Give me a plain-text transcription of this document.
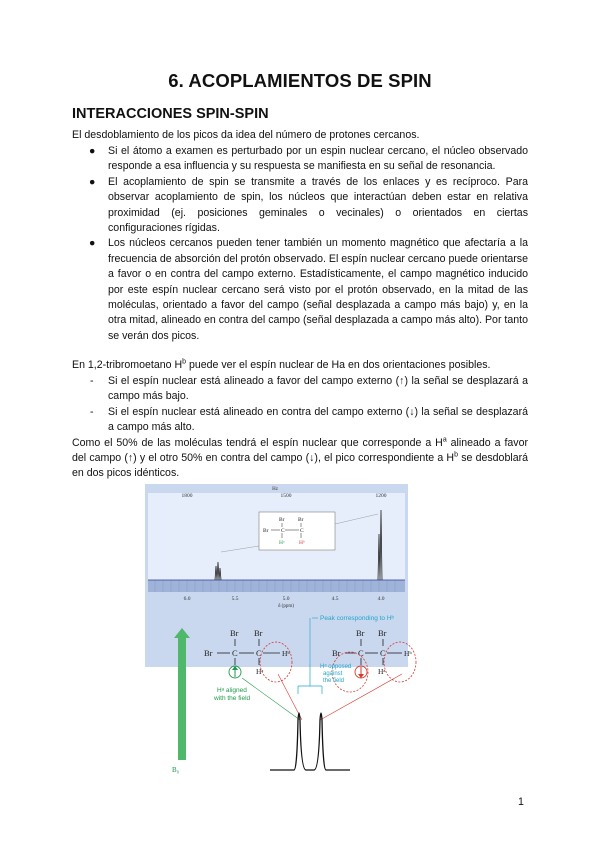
6. ACOPLAMIENTOS DE SPIN
INTERACCIONES SPIN-SPIN

El desdoblamiento de los picos da idea del número de protones cercanos.

● Si el átomo a examen es perturbado por un espin nuclear cercano, el núcleo observado responde a esa influencia y su respuesta se manifiesta en su señal de resonancia.
● El acoplamiento de spin se transmite a través de los enlaces y es recíproco. Para observar acoplamiento de spin, los núcleos que interactúan deben estar en relativa proximidad (ej. posiciones geminales o vecinales) o orientados en ciertas configuraciones rígidas.
● Los núcleos cercanos pueden tener también un momento magnético que afectaría a la frecuencia de absorción del protón observado. El espín nuclear cercano puede orientarse a favor o en contra del campo externo. Estadísticamente, el campo magnético inducido por este espín nuclear cercano será visto por el protón observado, en la mitad de las moléculas, orientado a favor del campo (señal desplazada a campo más bajo) y, en la otra mitad, alineado en contra del campo (señal desplazada a campo más alto). Por tanto se verán dos picos.

En 1,2-tribromoetano $H^b$ puede ver el espín nuclear de Ha en dos orientaciones posibles.

- Si el espín nuclear está alineado a favor del campo externo (↑) la señal se desplazará a campo más bajo.
- Si el espín nuclear está alineado en contra del campo externo (↓) la señal se desplazará a campo más alto.

Como el 50% de las moléculas tendrá el espín nuclear que corresponde a $H^a$ alineado a favor del campo (↑) y el otro 50% en contra del campo (↓), el pico correspondiente a $H^b$ se desdoblará en dos picos idénticos.

Hz
1800	1500	1200
Br Br
Br C	C
Hᵃ	Hᵇ
6.0	5.5	5.0	4.5	4.0
δ (ppm)
B₀
Peak corresponding to Hᵇ
Br Br
Br C C	Hᵇ
Hᵃ
Hᵃ aligned
with the field
Br Br
Br C C Hᵇ
Hᵃ
Hᵃ opposed
against
the field
1
